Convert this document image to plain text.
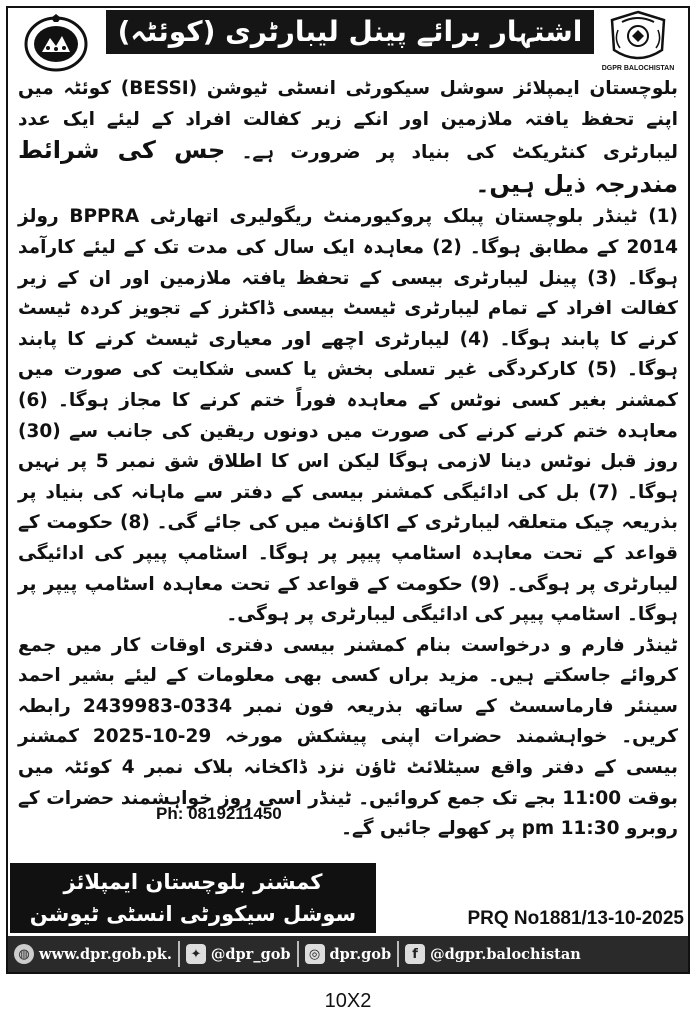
اشتہار برائے پینل لیبارٹری (کوئٹہ)
DGPR BALOCHISTAN

بلوچستان ایمپلائز سوشل سیکورٹی انسٹی ٹیوشن (BESSI) کوئٹہ میں اپنے تحفظ یافتہ ملازمین اور انکے زیر کفالت افراد کے لیئے ایک عدد لیبارٹری کنٹریکٹ کی بنیاد پر ضرورت ہے۔ جس کی شرائط مندرجہ ذیل ہیں۔

(1) ٹینڈر بلوچستان پبلک پروکیورمنٹ ریگولیری اتھارٹی BPPRA رولز 2014 کے مطابق ہوگا۔ (2) معاہدہ ایک سال کی مدت تک کے لیئے کارآمد ہوگا۔ (3) پینل لیبارٹری بیسی کے تحفظ یافتہ ملازمین اور ان کے زیر کفالت افراد کے تمام لیبارٹری ٹیسٹ بیسی ڈاکٹرز کے تجویز کردہ ٹیسٹ کرنے کا پابند ہوگا۔ (4) لیبارٹری اچھے اور معیاری ٹیسٹ کرنے کا پابند ہوگا۔ (5) کارکردگی غیر تسلی بخش یا کسی شکایت کی صورت میں کمشنر بغیر کسی نوٹس کے معاہدہ فوراً ختم کرنے کا مجاز ہوگا۔ (6) معاہدہ ختم کرنے کرنے کی صورت میں دونوں ریقین کی جانب سے (30) روز قبل نوٹس دینا لازمی ہوگا لیکن اس کا اطلاق شق نمبر 5 پر نہیں ہوگا۔ (7) بل کی ادائیگی کمشنر بیسی کے دفتر سے ماہانہ کی بنیاد پر بذریعہ چیک متعلقہ لیبارٹری کے اکاؤنٹ میں کی جائے گی۔ (8) حکومت کے قواعد کے تحت معاہدہ اسٹامپ پیپر پر ہوگا۔ اسٹامپ پیپر کی ادائیگی لیبارٹری پر ہوگی۔ (9) حکومت کے قواعد کے تحت معاہدہ اسٹامپ پیپر پر ہوگا۔ اسٹامپ پیپر کی ادائیگی لیبارٹری پر ہوگی۔

ٹینڈر فارم و درخواست بنام کمشنر بیسی دفتری اوقات کار میں جمع کروائے جاسکتے ہیں۔ مزید براں کسی بھی معلومات کے لیئے بشیر احمد سینئر فارماسسٹ کے ساتھ بذریعہ فون نمبر 0334-2439983 رابطہ کریں۔ خواہشمند حضرات اپنی پیشکش مورخہ 29-10-2025 کمشنر بیسی کے دفتر واقع سیٹلائٹ ٹاؤن نزد ڈاکخانہ بلاک نمبر 4 کوئٹہ میں بوقت 11:00 بجے تک جمع کروائیں۔ ٹینڈر اسی روز خواہشمند حضرات کے روبرو 11:30 pm پر کھولے جائیں گے۔

Ph: 0819211450
کمشنر بلوچستان ایمپلائز
سوشل سیکورٹی انسٹی ٹیوشن	PRQ No1881/13-10-2025
◍ www.dpr.gob.pk.	✦ @dpr_gob	◎ dpr.gob	f @dgpr.balochistan
10X2
